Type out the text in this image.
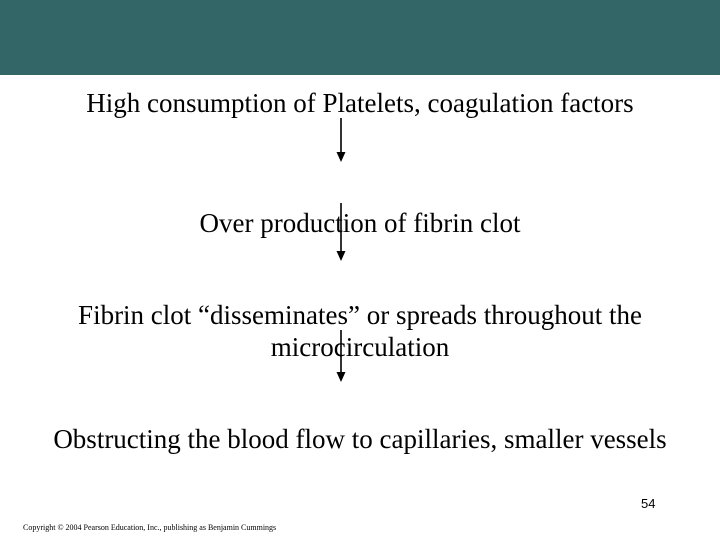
High consumption of Platelets, coagulation factors

Over production of fibrin clot

Fibrin clot “disseminates” or spreads throughout the microcirculation

Obstructing the blood flow to capillaries, smaller vessels

54
Copyright © 2004 Pearson Education, Inc., publishing as Benjamin Cummings
